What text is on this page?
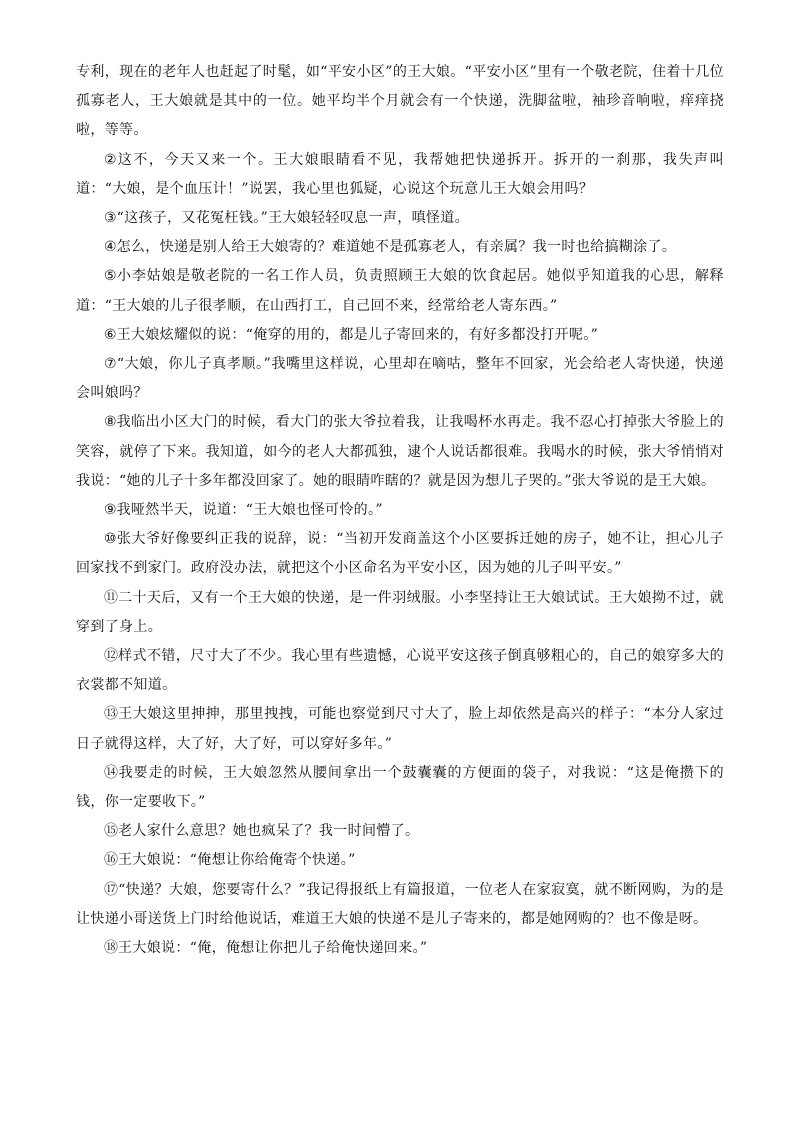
专利，现在的老年人也赶起了时髦，如“平安小区”的王大娘。“平安小区”里有一个敬老院，住着十几位孤寡老人，王大娘就是其中的一位。她平均半个月就会有一个快递，洗脚盆啦，袖珍音响啦，痒痒挠啦，等等。

②这不，今天又来一个。王大娘眼睛看不见，我帮她把快递拆开。拆开的一刹那，我失声叫道：“大娘，是个血压计！”说罢，我心里也狐疑，心说这个玩意儿王大娘会用吗？

③“这孩子，又花冤枉钱。”王大娘轻轻叹息一声，嗔怪道。

④怎么，快递是别人给王大娘寄的？难道她不是孤寡老人，有亲属？我一时也给搞糊涂了。

⑤小李姑娘是敬老院的一名工作人员，负责照顾王大娘的饮食起居。她似乎知道我的心思，解释道：“王大娘的儿子很孝顺，在山西打工，自己回不来，经常给老人寄东西。”

⑥王大娘炫耀似的说：“俺穿的用的，都是儿子寄回来的，有好多都没打开呢。”

⑦“大娘，你儿子真孝顺。”我嘴里这样说，心里却在嘀咕，整年不回家，光会给老人寄快递，快递会叫娘吗？

⑧我临出小区大门的时候，看大门的张大爷拉着我，让我喝杯水再走。我不忍心打掉张大爷脸上的笑容，就停了下来。我知道，如今的老人大都孤独，逮个人说话都很难。我喝水的时候，张大爷悄悄对我说：“她的儿子十多年都没回家了。她的眼睛咋瞎的？就是因为想儿子哭的。”张大爷说的是王大娘。

⑨我哑然半天，说道：“王大娘也怪可怜的。”

⑩张大爷好像要纠正我的说辞，说：“当初开发商盖这个小区要拆迁她的房子，她不让，担心儿子回家找不到家门。政府没办法，就把这个小区命名为平安小区，因为她的儿子叫平安。”

⑪二十天后，又有一个王大娘的快递，是一件羽绒服。小李坚持让王大娘试试。王大娘拗不过，就穿到了身上。

⑫样式不错，尺寸大了不少。我心里有些遗憾，心说平安这孩子倒真够粗心的，自己的娘穿多大的衣裳都不知道。

⑬王大娘这里抻抻，那里拽拽，可能也察觉到尺寸大了，脸上却依然是高兴的样子：“本分人家过日子就得这样，大了好，大了好，可以穿好多年。”

⑭我要走的时候，王大娘忽然从腰间拿出一个鼓囊囊的方便面的袋子，对我说：“这是俺攒下的钱，你一定要收下。”

⑮老人家什么意思？她也疯呆了？我一时间懵了。

⑯王大娘说：“俺想让你给俺寄个快递。”

⑰“快递？大娘，您要寄什么？”我记得报纸上有篇报道，一位老人在家寂寞，就不断网购，为的是让快递小哥送货上门时给他说话，难道王大娘的快递不是儿子寄来的，都是她网购的？也不像是呀。

⑱王大娘说：“俺，俺想让你把儿子给俺快递回来。”
